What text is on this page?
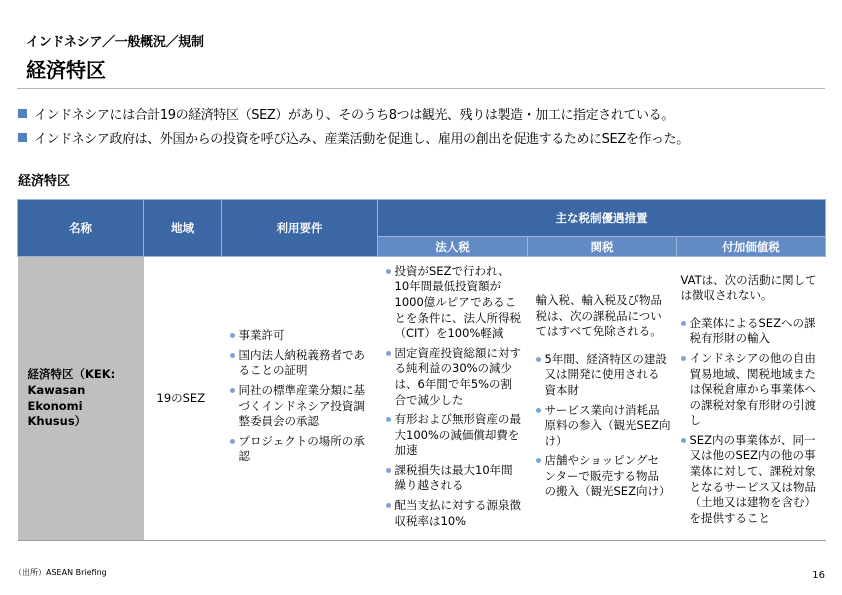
インドネシア／一般概況／規制
経済特区
インドネシアには合計19の経済特区（SEZ）があり、そのうち8つは観光、残りは製造・加工に指定されている。
インドネシア政府は、外国からの投資を呼び込み、産業活動を促進し、雇用の創出を促進するためにSEZを作った。
経済特区
名称	地域	利用要件	主な税制優遇措置		
			法人税	関税	付加価値税
経済特区（KEK: Kawasan Ekonomi Khusus）	19のSEZ	
事業許可
国内法人納税義務者であることの証明
同社の標準産業分類に基づくインドネシア投資調整委員会の承認
プロジェクトの場所の承認

投資がSEZで行われ、10年間最低投資額が1000億ルピアであることを条件に、法人所得税（CIT）を100%軽減
固定資産投資総額に対する純利益の30%の減少は、6年間で年5%の割合で減少した
有形および無形資産の最大100%の減価償却費を加速
課税損失は最大10年間繰り越される
配当支払に対する源泉徴収税率は10%

輸入税、輸入税及び物品税は、次の課税品についてはすべて免除される。
5年間、経済特区の建設又は開発に使用される資本財
サービス業向け消耗品原料の参入（観光SEZ向け）
店舗やショッピングセンターで販売する物品の搬入（観光SEZ向け）

VATは、次の活動に関しては徴収されない。
企業体によるSEZへの課税有形財の輸入
インドネシアの他の自由貿易地域、関税地域または保税倉庫から事業体への課税対象有形財の引渡し
SEZ内の事業体が、同一又は他のSEZ内の他の事業体に対して、課税対象となるサービス又は物品（土地又は建物を含む）を提供すること
（出所）ASEAN Briefing	16
